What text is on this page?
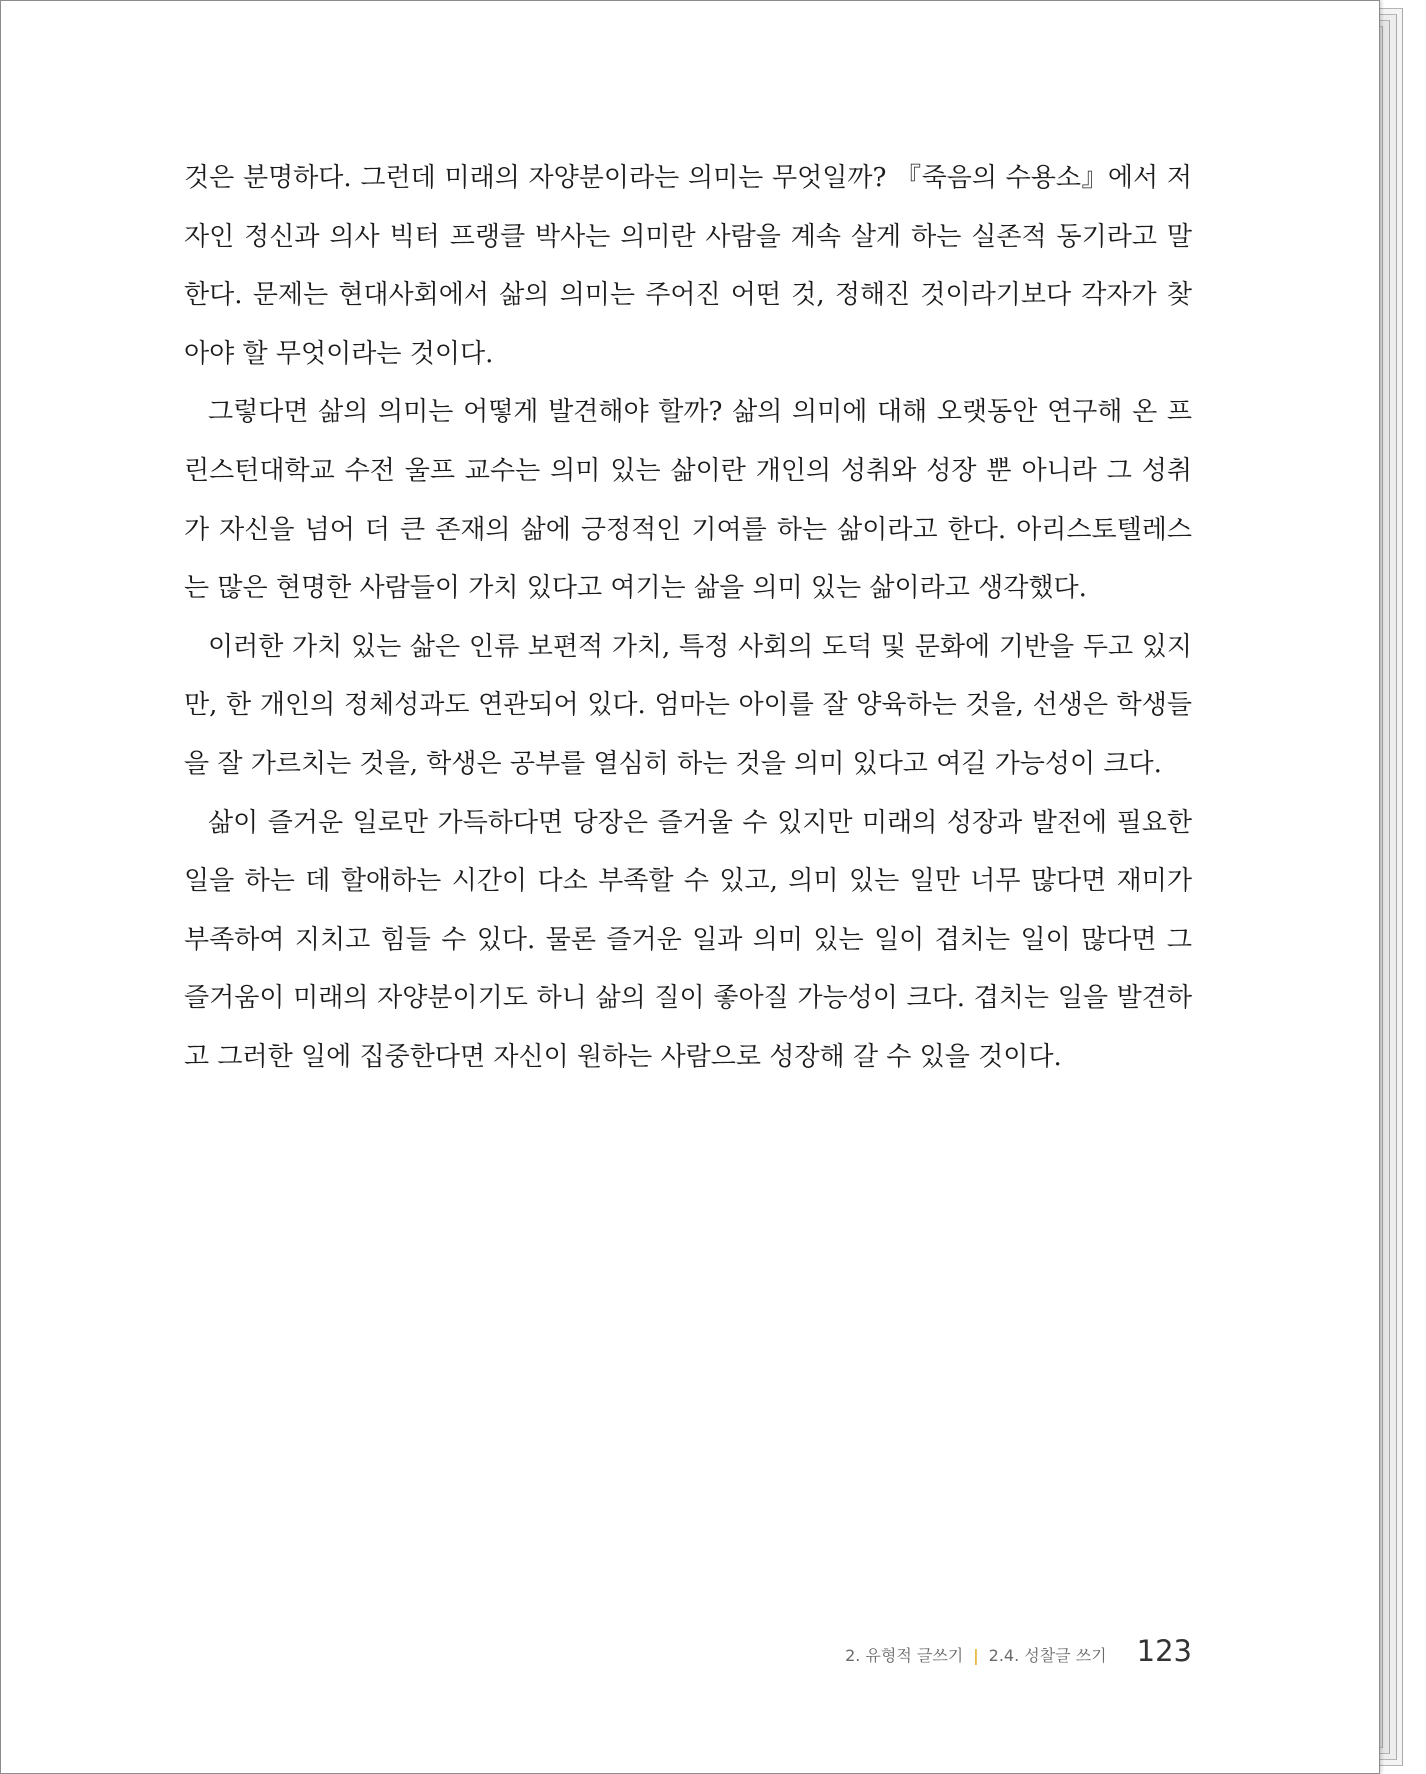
것은 분명하다. 그런데 미래의 자양분이라는 의미는 무엇일까? 『죽음의 수용소』에서 저자인 정신과 의사 빅터 프랭클 박사는 의미란 사람을 계속 살게 하는 실존적 동기라고 말한다. 문제는 현대사회에서 삶의 의미는 주어진 어떤 것, 정해진 것이라기보다 각자가 찾아야 할 무엇이라는 것이다.

그렇다면 삶의 의미는 어떻게 발견해야 할까? 삶의 의미에 대해 오랫동안 연구해 온 프린스턴대학교 수전 울프 교수는 의미 있는 삶이란 개인의 성취와 성장 뿐 아니라 그 성취가 자신을 넘어 더 큰 존재의 삶에 긍정적인 기여를 하는 삶이라고 한다. 아리스토텔레스는 많은 현명한 사람들이 가치 있다고 여기는 삶을 의미 있는 삶이라고 생각했다.

이러한 가치 있는 삶은 인류 보편적 가치, 특정 사회의 도덕 및 문화에 기반을 두고 있지만, 한 개인의 정체성과도 연관되어 있다. 엄마는 아이를 잘 양육하는 것을, 선생은 학생들을 잘 가르치는 것을, 학생은 공부를 열심히 하는 것을 의미 있다고 여길 가능성이 크다.

삶이 즐거운 일로만 가득하다면 당장은 즐거울 수 있지만 미래의 성장과 발전에 필요한 일을 하는 데 할애하는 시간이 다소 부족할 수 있고, 의미 있는 일만 너무 많다면 재미가 부족하여 지치고 힘들 수 있다. 물론 즐거운 일과 의미 있는 일이 겹치는 일이 많다면 그 즐거움이 미래의 자양분이기도 하니 삶의 질이 좋아질 가능성이 크다. 겹치는 일을 발견하고 그러한 일에 집중한다면 자신이 원하는 사람으로 성장해 갈 수 있을 것이다.

2. 유형적 글쓰기 | 2.4. 성찰글 쓰기 123
